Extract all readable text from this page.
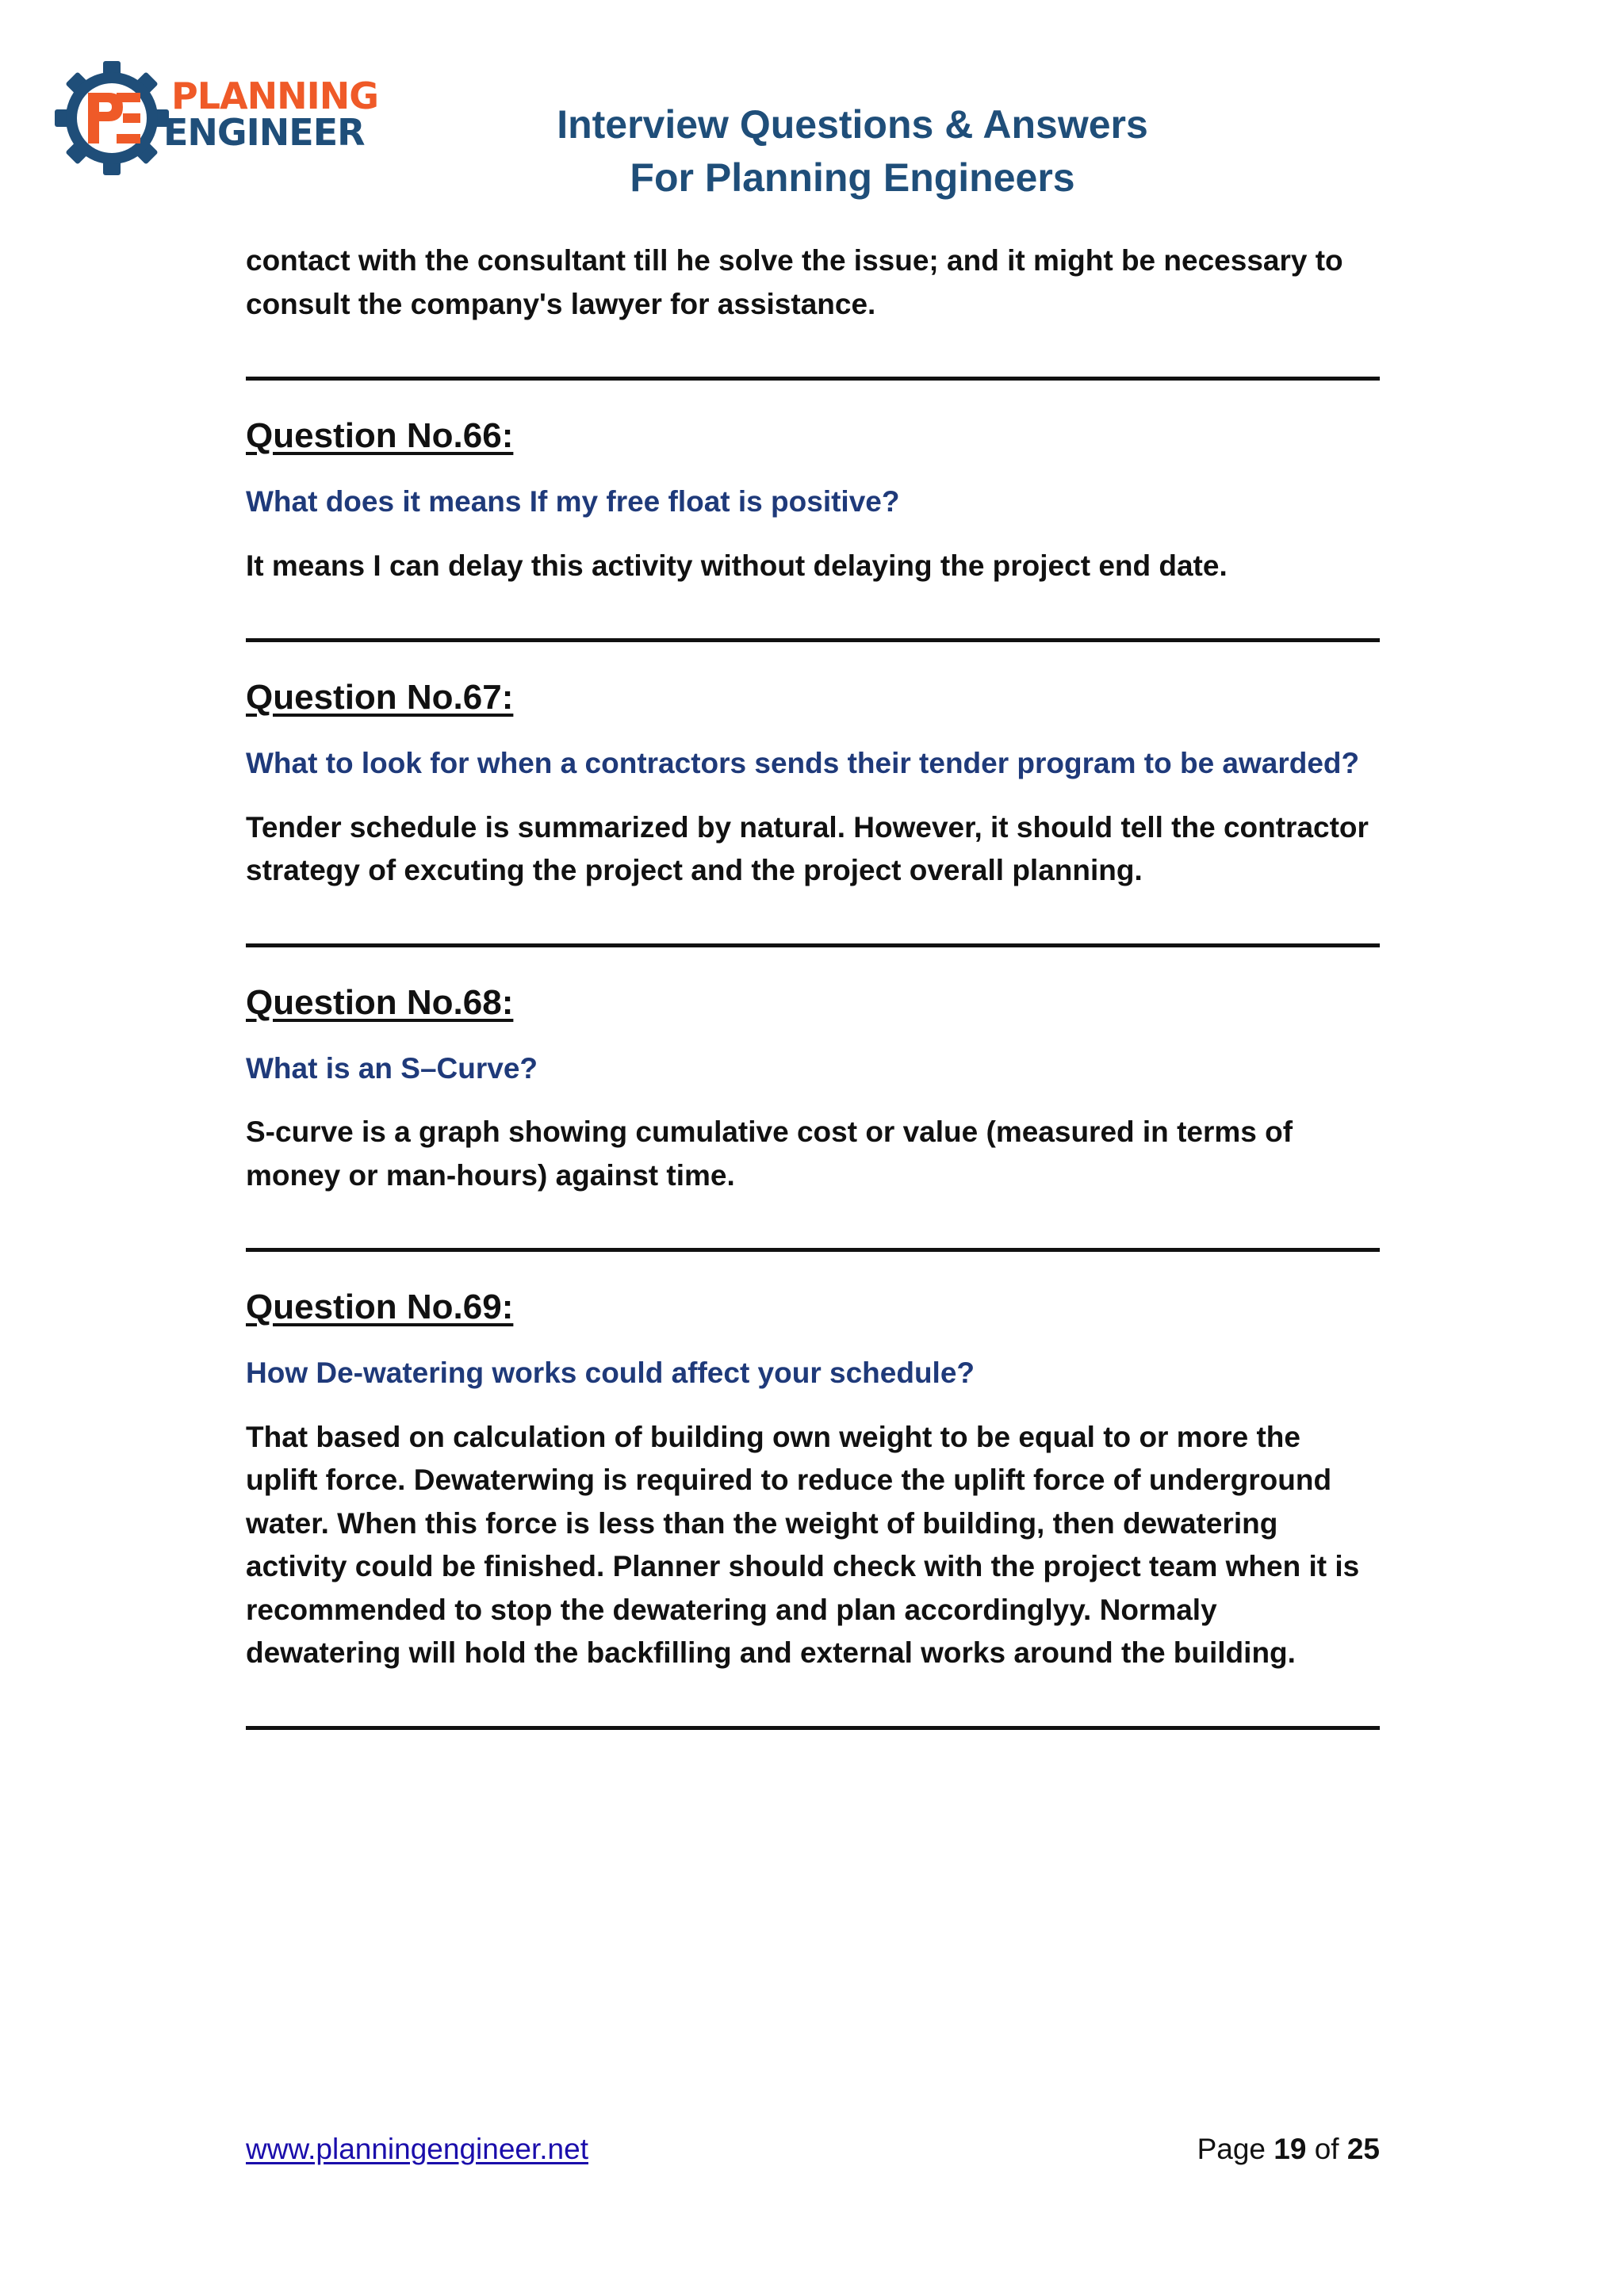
PLANNING
ENGINEER	Interview Questions & Answers
For Planning Engineers

contact with the consultant till he solve the issue; and it might be necessary to consult the company's lawyer for assistance.

Question No.66:

What does it means If my free float is positive?

It means I can delay this activity without delaying the project end date.

Question No.67:

What to look for when a contractors sends their tender program to be awarded?

Tender schedule is summarized by natural. However, it should tell the contractor strategy of excuting the project and the project overall planning.

Question No.68:

What is an S–Curve?

S-curve is a graph showing cumulative cost or value (measured in terms of money or man-hours) against time.

Question No.69:

How De-watering works could affect your schedule?

That based on calculation of building own weight to be equal to or more the uplift force. Dewaterwing is required to reduce the uplift force of underground water. When this force is less than the weight of building, then dewatering activity could be finished. Planner should check with the project team when it is recommended to stop the dewatering and plan accordinglyy. Normaly dewatering will hold the backfilling and external works around the building.

www.planningengineer.net	Page 19 of 25
